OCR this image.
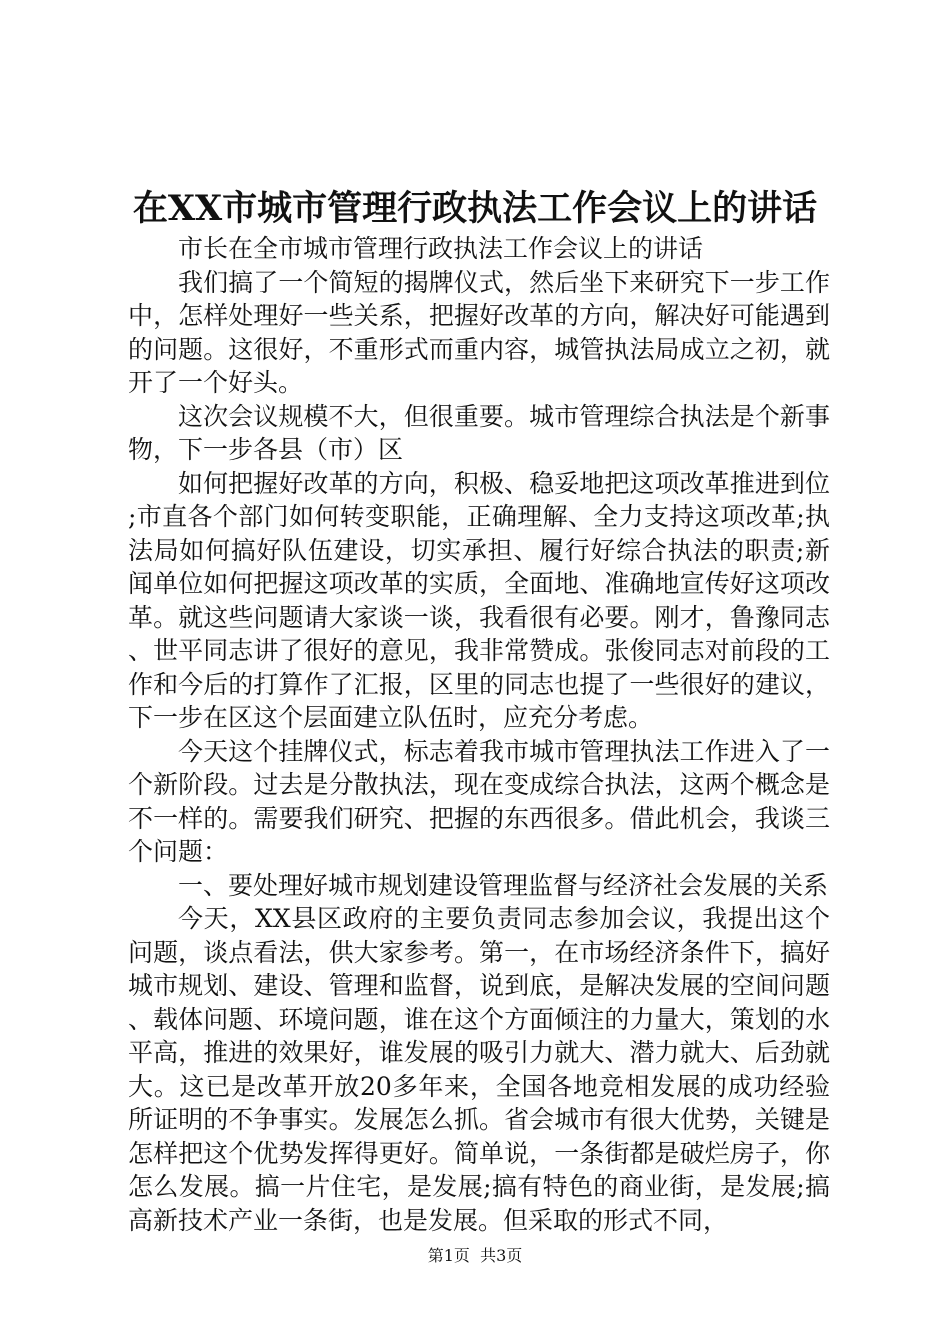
在XX市城市管理行政执法工作会议上的讲话

市长在全市城市管理行政执法工作会议上的讲话

我们搞了一个简短的揭牌仪式，然后坐下来研究下一步工作中，怎样处理好一些关系，把握好改革的方向，解决好可能遇到的问题。这很好，不重形式而重内容，城管执法局成立之初，就开了一个好头。

这次会议规模不大，但很重要。城市管理综合执法是个新事物，下一步各县（市）区

如何把握好改革的方向，积极、稳妥地把这项改革推进到位;市直各个部门如何转变职能，正确理解、全力支持这项改革;执法局如何搞好队伍建设，切实承担、履行好综合执法的职责;新闻单位如何把握这项改革的实质，全面地、准确地宣传好这项改革。就这些问题请大家谈一谈，我看很有必要。刚才，鲁豫同志、世平同志讲了很好的意见，我非常赞成。张俊同志对前段的工作和今后的打算作了汇报，区里的同志也提了一些很好的建议，下一步在区这个层面建立队伍时，应充分考虑。

今天这个挂牌仪式，标志着我市城市管理执法工作进入了一个新阶段。过去是分散执法，现在变成综合执法，这两个概念是不一样的。需要我们研究、把握的东西很多。借此机会，我谈三个问题：

一、要处理好城市规划建设管理监督与经济社会发展的关系

今天，XX县区政府的主要负责同志参加会议，我提出这个问题，谈点看法，供大家参考。第一，在市场经济条件下，搞好城市规划、建设、管理和监督，说到底，是解决发展的空间问题、载体问题、环境问题，谁在这个方面倾注的力量大，策划的水平高，推进的效果好，谁发展的吸引力就大、潜力就大、后劲就大。这已是改革开放20多年来，全国各地竞相发展的成功经验所证明的不争事实。发展怎么抓。省会城市有很大优势，关键是怎样把这个优势发挥得更好。简单说，一条街都是破烂房子，你怎么发展。搞一片住宅，是发展;搞有特色的商业街，是发展;搞高新技术产业一条街，也是发展。但采取的形式不同，

第1页  共3页
